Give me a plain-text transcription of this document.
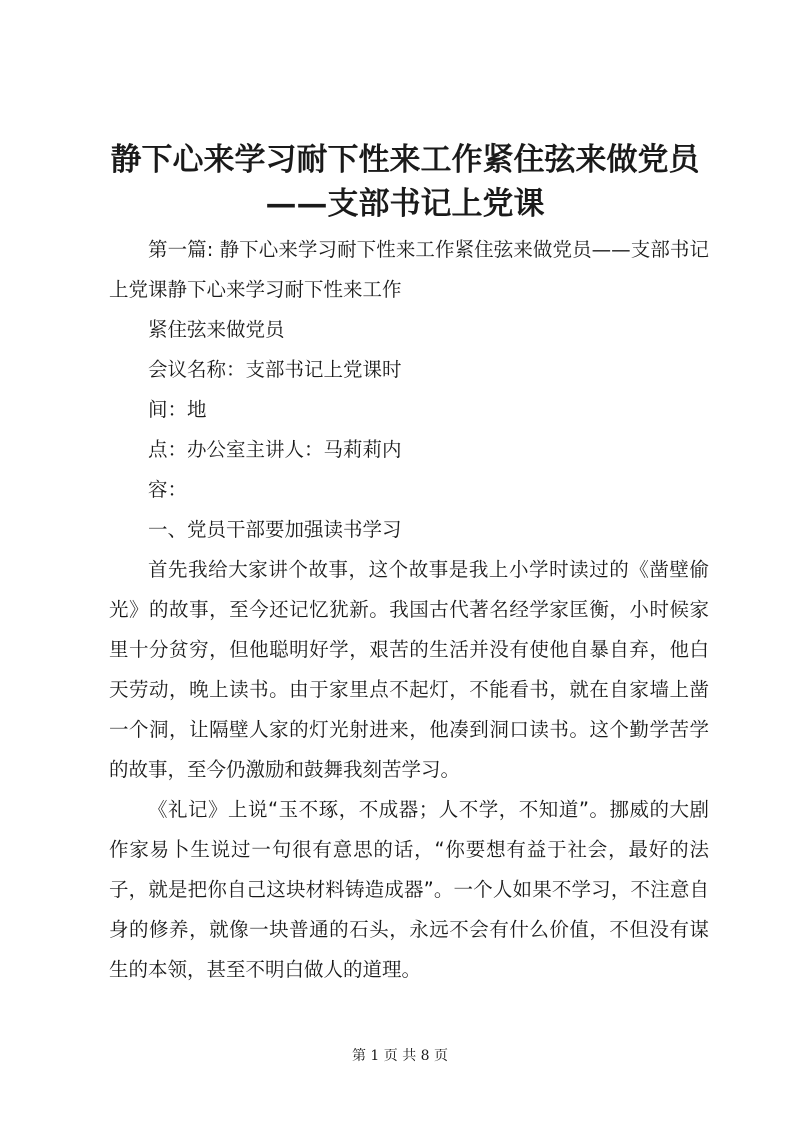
静下心来学习耐下性来工作紧住弦来做党员——支部书记上党课

第一篇: 静下心来学习耐下性来工作紧住弦来做党员——支部书记上党课静下心来学习耐下性来工作

紧住弦来做党员

会议名称：支部书记上党课时

间：地

点：办公室主讲人：马莉莉内

容：

一、党员干部要加强读书学习

首先我给大家讲个故事，这个故事是我上小学时读过的《凿壁偷光》的故事，至今还记忆犹新。我国古代著名经学家匡衡，小时候家里十分贫穷，但他聪明好学，艰苦的生活并没有使他自暴自弃，他白天劳动，晚上读书。由于家里点不起灯，不能看书，就在自家墙上凿一个洞，让隔壁人家的灯光射进来，他凑到洞口读书。这个勤学苦学的故事，至今仍激励和鼓舞我刻苦学习。

《礼记》上说“玉不琢，不成器；人不学，不知道”。挪威的大剧作家易卜生说过一句很有意思的话，“你要想有益于社会，最好的法子，就是把你自己这块材料铸造成器”。一个人如果不学习，不注意自身的修养，就像一块普通的石头，永远不会有什么价值，不但没有谋生的本领，甚至不明白做人的道理。

第 1 页 共 8 页
